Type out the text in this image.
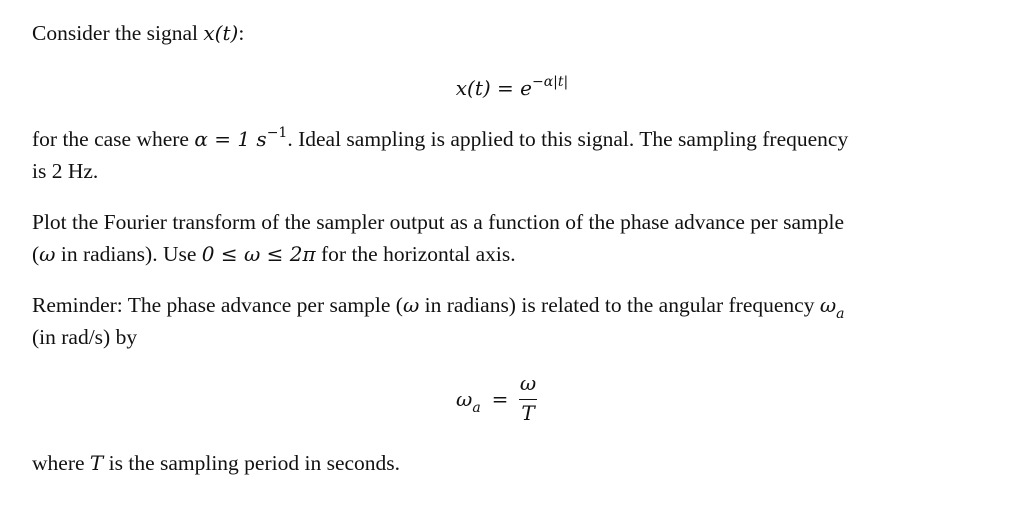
Consider the signal x(t):
$x(t) = e^{-\alpha|t|}$
for the case where α = 1 $s^{-1}$. Ideal sampling is applied to this signal. The sampling frequency
is 2 Hz.
Plot the Fourier transform of the sampler output as a function of the phase advance per sample
(ω in radians). Use 0 ≤ ω ≤ 2π for the horizontal axis.
Reminder: The phase advance per sample (ω in radians) is related to the angular frequency $\omega_a$
(in rad/s) by
$\omega_a$ =
ω
T
where T is the sampling period in seconds.
